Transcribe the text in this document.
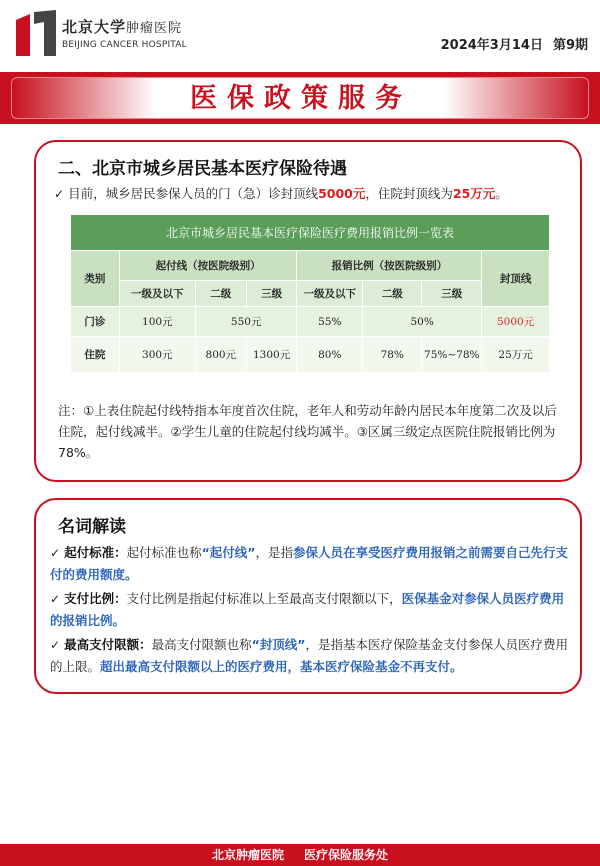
北京大学肿瘤医院
BEIJING CANCER HOSPITAL	2024年3月14日 第9期
医保政策服务
二、北京市城乡居民基本医疗保险待遇
✓ 目前，城乡居民参保人员的门（急）诊封顶线5000元，住院封顶线为25万元。
北京市城乡居民基本医疗保险医疗费用报销比例一览表							
类别	起付线（按医院级别）			报销比例（按医院级别）			封顶线
	一级及以下	二级	三级	一级及以下	二级	三级	
门诊	100元	550元		55%	50%		5000元
住院	300元	800元	1300元	80%	78%	75%~78%	25万元
注：①上表住院起付线特指本年度首次住院，老年人和劳动年龄内居民本年度第二次及以后住院，起付线减半。②学生儿童的住院起付线均减半。③区属三级定点医院住院报销比例为78%。
名词解读
✓ 起付标准：起付标准也称“起付线”，是指参保人员在享受医疗费用报销之前需要自己先行支付的费用额度。
✓ 支付比例：支付比例是指起付标准以上至最高支付限额以下，医保基金对参保人员医疗费用的报销比例。
✓ 最高支付限额：最高支付限额也称“封顶线”，是指基本医疗保险基金支付参保人员医疗费用的上限。超出最高支付限额以上的医疗费用，基本医疗保险基金不再支付。
北京肿瘤医院 医疗保险服务处
